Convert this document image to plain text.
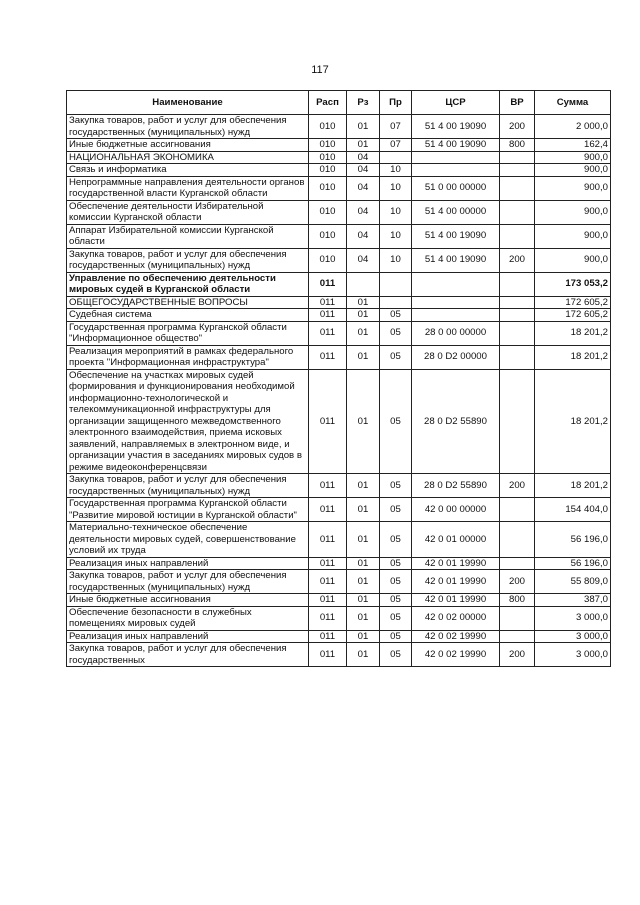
117
Наименование	Расп	Рз	Пр	ЦСР	ВР	Сумма
Закупка товаров, работ и услуг для обеспечения государственных (муниципальных) нужд	010	01	07	51 4 00 19090	200	2 000,0
Иные бюджетные ассигнования	010	01	07	51 4 00 19090	800	162,4
НАЦИОНАЛЬНАЯ ЭКОНОМИКА	010	04				900,0
Связь и информатика	010	04	10			900,0
Непрограммные направления деятельности органов государственной власти Курганской области	010	04	10	51 0 00 00000		900,0
Обеспечение деятельности Избирательной комиссии Курганской области	010	04	10	51 4 00 00000		900,0
Аппарат Избирательной комиссии Курганской области	010	04	10	51 4 00 19090		900,0
Закупка товаров, работ и услуг для обеспечения государственных (муниципальных) нужд	010	04	10	51 4 00 19090	200	900,0
Управление по обеспечению деятельности мировых судей в Курганской области	011					173 053,2
ОБЩЕГОСУДАРСТВЕННЫЕ ВОПРОСЫ	011	01				172 605,2
Судебная система	011	01	05			172 605,2
Государственная программа Курганской области "Информационное общество"	011	01	05	28 0 00 00000		18 201,2
Реализация мероприятий в рамках федерального проекта "Информационная инфраструктура"	011	01	05	28 0 D2 00000		18 201,2
Обеспечение на участках мировых судей формирования и функционирования необходимой информационно-технологической и телекоммуникационной инфраструктуры для организации защищенного межведомственного электронного взаимодействия, приема исковых заявлений, направляемых в электронном виде, и организации участия в заседаниях мировых судов в режиме видеоконференцсвязи	011	01	05	28 0 D2 55890		18 201,2
Закупка товаров, работ и услуг для обеспечения государственных (муниципальных) нужд	011	01	05	28 0 D2 55890	200	18 201,2
Государственная программа Курганской области "Развитие мировой юстиции в Курганской области"	011	01	05	42 0 00 00000		154 404,0
Материально-техническое обеспечение деятельности мировых судей, совершенствование условий их труда	011	01	05	42 0 01 00000		56 196,0
Реализация иных направлений	011	01	05	42 0 01 19990		56 196,0
Закупка товаров, работ и услуг для обеспечения государственных (муниципальных) нужд	011	01	05	42 0 01 19990	200	55 809,0
Иные бюджетные ассигнования	011	01	05	42 0 01 19990	800	387,0
Обеспечение безопасности в служебных помещениях мировых судей	011	01	05	42 0 02 00000		3 000,0
Реализация иных направлений	011	01	05	42 0 02 19990		3 000,0
Закупка товаров, работ и услуг для обеспечения государственных	011	01	05	42 0 02 19990	200	3 000,0
